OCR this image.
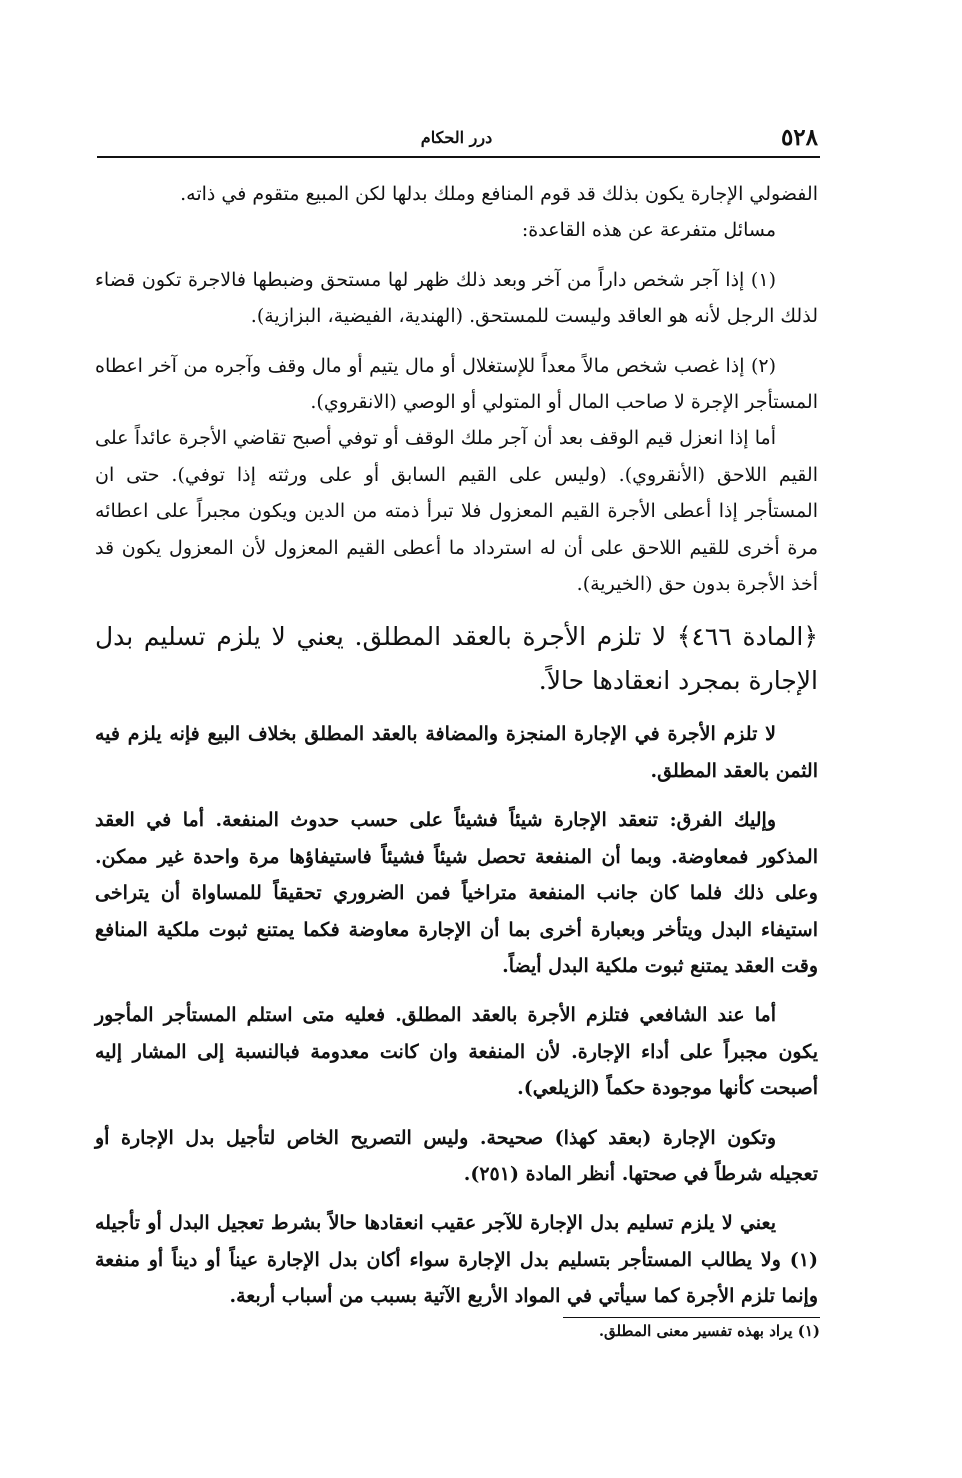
٥٢٨
درر الحكام

الفضولي الإجارة يكون بذلك قد قوم المنافع وملك بدلها لكن المبيع متقوم في ذاته.

مسائل متفرعة عن هذه القاعدة:

(١) إذا آجر شخص داراً من آخر وبعد ذلك ظهر لها مستحق وضبطها فالاجرة تكون قضاء لذلك الرجل لأنه هو العاقد وليست للمستحق. (الهندية، الفيضية، البزازية).

(٢) إذا غصب شخص مالاً معداً للإستغلال أو مال يتيم أو مال وقف وآجره من آخر اعطاه المستأجر الإجرة لا صاحب المال أو المتولي أو الوصي (الانقروي).

أما إذا انعزل قيم الوقف بعد أن آجر ملك الوقف أو توفي أصبح تقاضي الأجرة عائداً على القيم اللاحق (الأنقروي). (وليس على القيم السابق أو على ورثته إذا توفي). حتى ان المستأجر إذا أعطى الأجرة القيم المعزول فلا تبرأ ذمته من الدين ويكون مجبراً على اعطائه مرة أخرى للقيم اللاحق على أن له استرداد ما أعطى القيم المعزول لأن المعزول يكون قد أخذ الأجرة بدون حق (الخيرية).

﴿المادة ٤٦٦﴾ لا تلزم الأجرة بالعقد المطلق. يعني لا يلزم تسليم بدل الإجارة بمجرد انعقادها حالاً.

لا تلزم الأجرة في الإجارة المنجزة والمضافة بالعقد المطلق بخلاف البيع فإنه يلزم فيه الثمن بالعقد المطلق.

وإليك الفرق: تنعقد الإجارة شيئاً فشيئاً على حسب حدوث المنفعة. أما في العقد المذكور فمعاوضة. وبما أن المنفعة تحصل شيئاً فشيئاً فاستيفاؤها مرة واحدة غير ممكن. وعلى ذلك فلما كان جانب المنفعة متراخياً فمن الضروري تحقيقاً للمساواة أن يتراخى استيفاء البدل ويتأخر وبعبارة أخرى بما أن الإجارة معاوضة فكما يمتنع ثبوت ملكية المنافع وقت العقد يمتنع ثبوت ملكية البدل أيضاً.

أما عند الشافعي فتلزم الأجرة بالعقد المطلق. فعليه متى استلم المستأجر المأجور يكون مجبراً على أداء الإجارة. لأن المنفعة وان كانت معدومة فبالنسبة إلى المشار إليه أصبحت كأنها موجودة حكماً (الزيلعي).

وتكون الإجارة (بعقد كهذا) صحيحة. وليس التصريح الخاص لتأجيل بدل الإجارة أو تعجيله شرطاً في صحتها. أنظر المادة (٢٥١).

يعني لا يلزم تسليم بدل الإجارة للآجر عقيب انعقادها حالاً بشرط تعجيل البدل أو تأجيله (١) ولا يطالب المستأجر بتسليم بدل الإجارة سواء أكان بدل الإجارة عيناً أو ديناً أو منفعة وإنما تلزم الأجرة كما سيأتي في المواد الأربع الآتية بسبب من أسباب أربعة.

(١) يراد بهذه تفسير معنى المطلق.
